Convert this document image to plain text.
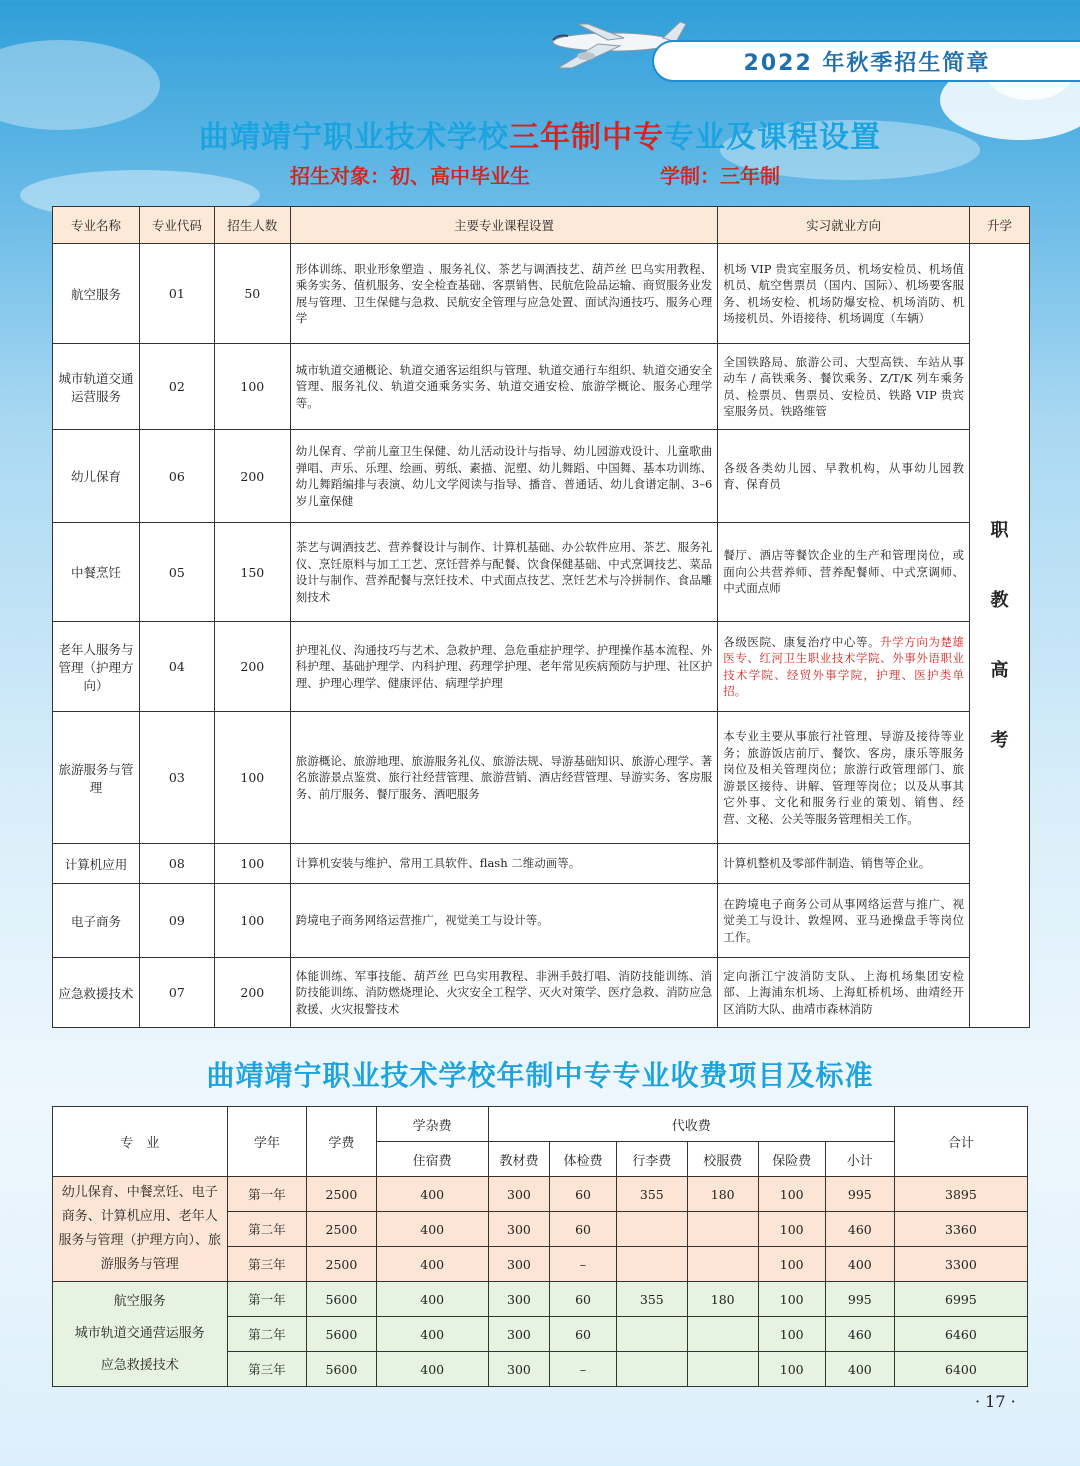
2022 年秋季招生简章
曲靖靖宁职业技术学校三年制中专专业及课程设置
招生对象：初、高中毕业生	学制：三年制
专业名称	专业代码	招生人数	主要专业课程设置	实习就业方向	升学
航空服务	01	50	形体训练、职业形象塑造 、服务礼仪、茶艺与调酒技艺、葫芦丝 巴乌实用教程、乘务实务、值机服务、安全检查基础、客票销售、民航危险品运输、商贸服务业发展与管理、卫生保健与急救、民航安全管理与应急处置、面试沟通技巧、服务心理学	机场 VIP 贵宾室服务员、机场安检员、机场值机员、航空售票员（国内、国际）、机场要客服务、机场安检、机场防爆安检、机场消防、机场接机员、外语接待、机场调度（车辆）	职
教
高
考
城市轨道交通运营服务	02	100	城市轨道交通概论、轨道交通客运组织与管理、轨道交通行车组织、轨道交通安全管理、服务礼仪、轨道交通乘务实务、轨道交通安检、旅游学概论、服务心理学等。	全国铁路局、旅游公司、大型高铁、车站从事动车 / 高铁乘务、餐饮乘务、Z/T/K 列车乘务员、检票员、售票员、安检员、铁路 VIP 贵宾室服务员、铁路维管	
幼儿保育	06	200	幼儿保育、学前儿童卫生保健、幼儿活动设计与指导、幼儿园游戏设计、儿童歌曲弹唱、声乐、乐理、绘画、剪纸、素描、泥塑、幼儿舞蹈、中国舞、基本功训练、幼儿舞蹈编排与表演、幼儿文学阅读与指导、播音、普通话、幼儿食谱定制、3–6 岁儿童保健	各级各类幼儿园、早教机构，从事幼儿园教育、保育员	
中餐烹饪	05	150	茶艺与调酒技艺、营养餐设计与制作、计算机基础、办公软件应用、茶艺、服务礼仪、烹饪原料与加工工艺、烹饪营养与配餐、饮食保健基础、中式烹调技艺、菜品设计与制作、营养配餐与烹饪技术、中式面点技艺、烹饪艺术与冷拼制作、食品雕刻技术	餐厅、酒店等餐饮企业的生产和管理岗位，或面向公共营养师、营养配餐师、中式烹调师、中式面点师	
老年人服务与管理（护理方向）	04	200	护理礼仪、沟通技巧与艺术、急救护理、急危重症护理学、护理操作基本流程、外科护理、基础护理学、内科护理、药理学护理、老年常见疾病预防与护理、社区护理、护理心理学、健康评估、病理学护理	各级医院、康复治疗中心等。升学方向为楚雄医专、红河卫生职业技术学院、外事外语职业技术学院、经贸外事学院，护理、医护类单招。	
旅游服务与管理	03	100	旅游概论、旅游地理、旅游服务礼仪、旅游法规、导游基础知识、旅游心理学、著名旅游景点鉴赏、旅行社经营管理、旅游营销、酒店经营管理、导游实务、客房服务、前厅服务、餐厅服务、酒吧服务	本专业主要从事旅行社管理、导游及接待等业务；旅游饭店前厅、餐饮、客房，康乐等服务岗位及相关管理岗位；旅游行政管理部门、旅游景区接待、讲解、管理等岗位；以及从事其它外事、文化和服务行业的策划、销售、经营、文秘、公关等服务管理相关工作。	
计算机应用	08	100	计算机安装与维护、常用工具软件、flash 二维动画等。	计算机整机及零部件制造、销售等企业。	
电子商务	09	100	跨境电子商务网络运营推广，视觉美工与设计等。	在跨境电子商务公司从事网络运营与推广、视觉美工与设计、敦煌网、亚马逊操盘手等岗位工作。	
应急救援技术	07	200	体能训练、军事技能、葫芦丝 巴乌实用教程、非洲手鼓打唱、消防技能训练、消防技能训练、消防燃烧理论、火灾安全工程学、灭火对策学、医疗急救、消防应急救援、火灾报警技术	定向浙江宁波消防支队、上海机场集团安检部、上海浦东机场、上海虹桥机场、曲靖经开区消防大队、曲靖市森林消防	
曲靖靖宁职业技术学校年制中专专业收费项目及标准
专　业	学年	学费	学杂费	代收费						合计
			住宿费	教材费	体检费	行李费	校服费	保险费	小计	
幼儿保育、中餐烹饪、电子商务、计算机应用、老年人服务与管理（护理方向）、旅游服务与管理	第一年	2500	400	300	60	355	180	100	995	3895
	第二年	2500	400	300	60			100	460	3360
	第三年	2500	400	300	–			100	400	3300

航空服务
城市轨道交通营运服务
应急救援技术	第一年	5600	400	300	60	355	180	100	995	6995
	第二年	5600	400	300	60			100	460	6460
	第三年	5600	400	300	–			100	400	6400
· 17 ·
